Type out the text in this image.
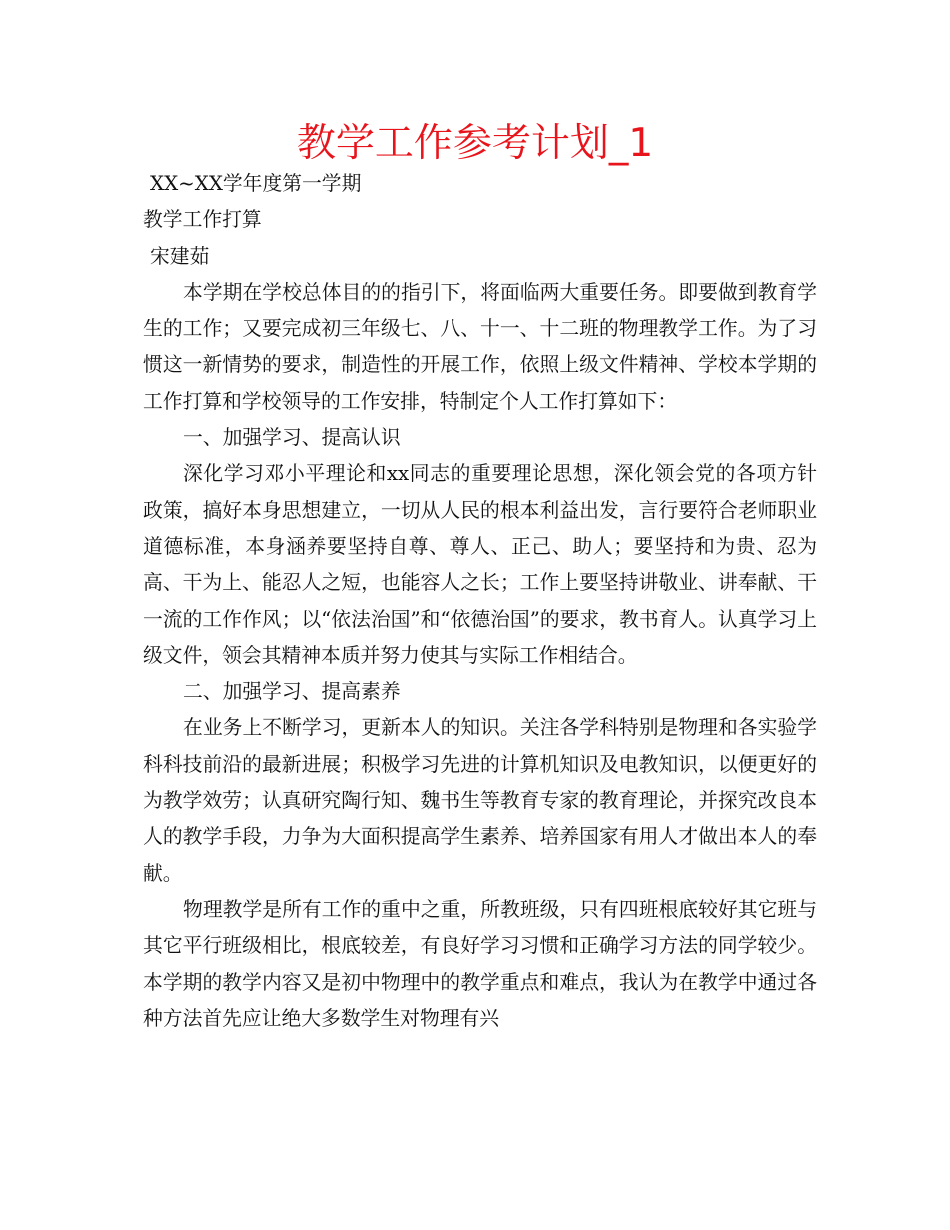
教学工作参考计划_1

XX~XX学年度第一学期

教学工作打算

宋建茹

本学期在学校总体目的的指引下，将面临两大重要任务。即要做到教育学生的工作；又要完成初三年级七、八、十一、十二班的物理教学工作。为了习惯这一新情势的要求，制造性的开展工作，依照上级文件精神、学校本学期的工作打算和学校领导的工作安排，特制定个人工作打算如下：

一、加强学习、提高认识

深化学习邓小平理论和xx同志的重要理论思想，深化领会党的各项方针政策，搞好本身思想建立，一切从人民的根本利益出发，言行要符合老师职业道德标准，本身涵养要坚持自尊、尊人、正己、助人；要坚持和为贵、忍为高、干为上、能忍人之短，也能容人之长；工作上要坚持讲敬业、讲奉献、干一流的工作作风；以“依法治国”和“依德治国”的要求，教书育人。认真学习上级文件，领会其精神本质并努力使其与实际工作相结合。

二、加强学习、提高素养

在业务上不断学习，更新本人的知识。关注各学科特别是物理和各实验学科科技前沿的最新进展；积极学习先进的计算机知识及电教知识，以便更好的为教学效劳；认真研究陶行知、魏书生等教育专家的教育理论，并探究改良本人的教学手段，力争为大面积提高学生素养、培养国家有用人才做出本人的奉献。

物理教学是所有工作的重中之重，所教班级，只有四班根底较好其它班与其它平行班级相比，根底较差，有良好学习习惯和正确学习方法的同学较少。本学期的教学内容又是初中物理中的教学重点和难点，我认为在教学中通过各种方法首先应让绝大多数学生对物理有兴
